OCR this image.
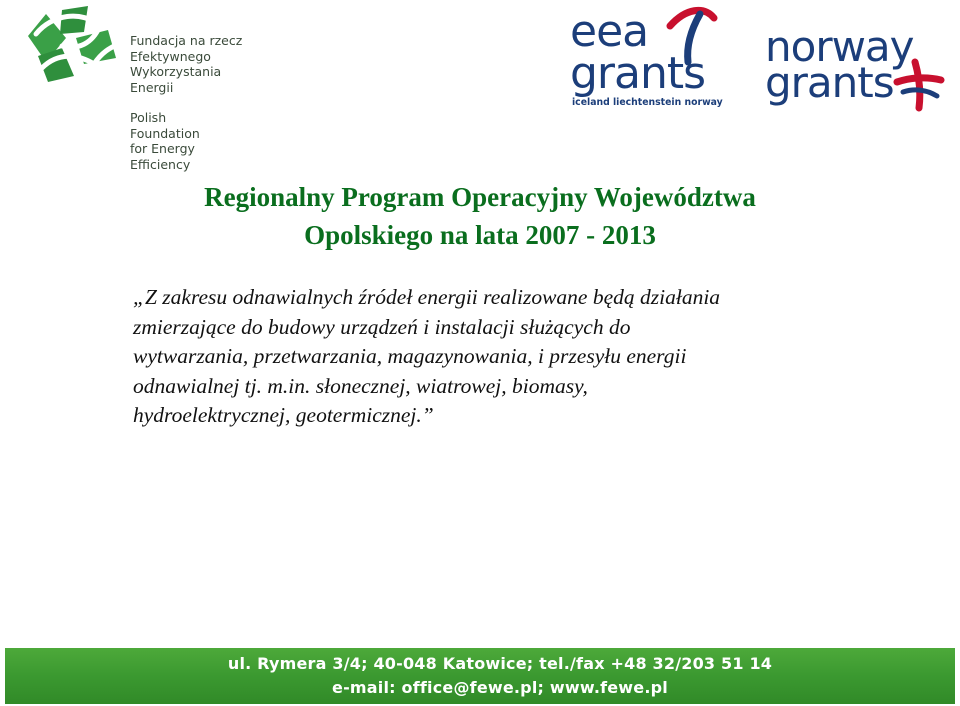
Fundacja na rzecz
Efektywnego
Wykorzystania
Energii
Polish
Foundation
for Energy
Efficiency
eea
grants
iceland liechtenstein norway
norway
grants
Regionalny Program Operacyjny Województwa
Opolskiego na lata 2007 - 2013
„Z zakresu odnawialnych źródeł energii realizowane będą działania
zmierzające do budowy urządzeń i instalacji służących do
wytwarzania, przetwarzania, magazynowania, i przesyłu energii
odnawialnej tj. m.in. słonecznej, wiatrowej, biomasy,
hydroelektrycznej, geotermicznej.”
ul. Rymera 3/4; 40-048 Katowice; tel./fax +48 32/203 51 14
e-mail: office@fewe.pl; www.fewe.pl
